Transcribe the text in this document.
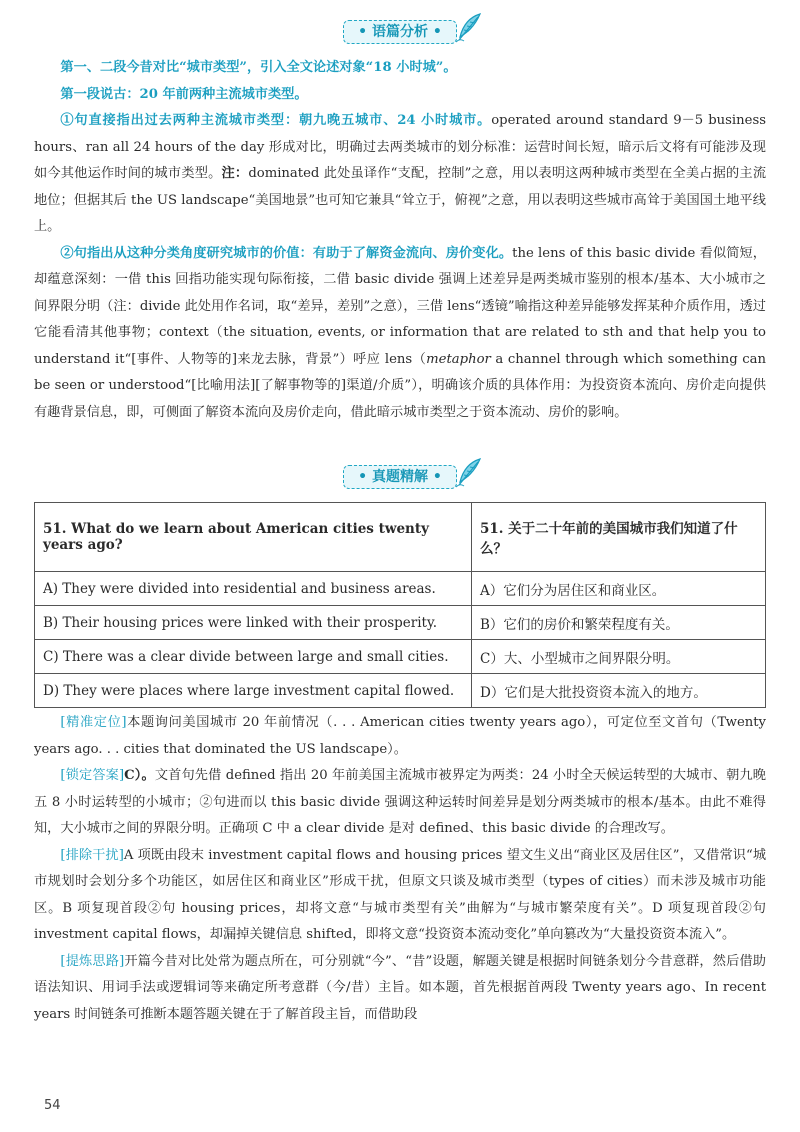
• 语篇分析 •

第一、二段今昔对比“城市类型”，引入全文论述对象“18 小时城”。

第一段说古：20 年前两种主流城市类型。

①句直接指出过去两种主流城市类型：朝九晚五城市、24 小时城市。operated around standard 9－5 business hours、ran all 24 hours of the day 形成对比，明确过去两类城市的划分标准：运营时间长短，暗示后文将有可能涉及现如今其他运作时间的城市类型。注：dominated 此处虽译作“支配，控制”之意，用以表明这两种城市类型在全美占据的主流地位；但据其后 the US landscape“美国地景”也可知它兼具“耸立于，俯视”之意，用以表明这些城市高耸于美国国土地平线上。

②句指出从这种分类角度研究城市的价值：有助于了解资金流向、房价变化。the lens of this basic divide 看似简短，却蕴意深刻：一借 this 回指功能实现句际衔接，二借 basic divide 强调上述差异是两类城市鉴别的根本/基本、大小城市之间界限分明（注：divide 此处用作名词，取“差异，差别”之意），三借 lens“透镜”喻指这种差异能够发挥某种介质作用，透过它能看清其他事物；context（the situation, events, or information that are related to sth and that help you to understand it“[事件、人物等的]来龙去脉，背景”）呼应 lens（metaphor a channel through which something can be seen or understood“[比喻用法][了解事物等的]渠道/介质”），明确该介质的具体作用：为投资资本流向、房价走向提供有趣背景信息，即，可侧面了解资本流向及房价走向，借此暗示城市类型之于资本流动、房价的影响。

• 真题精解 •
51. What do we learn about American cities twenty years ago?	51. 关于二十年前的美国城市我们知道了什么？
A) They were divided into residential and business areas.	A）它们分为居住区和商业区。
B) Their housing prices were linked with their prosperity.	B）它们的房价和繁荣程度有关。
C) There was a clear divide between large and small cities.	C）大、小型城市之间界限分明。
D) They were places where large investment capital flowed.	D）它们是大批投资资本流入的地方。

[精准定位]本题询问美国城市 20 年前情况（. . . American cities twenty years ago），可定位至文首句（Twenty years ago. . . cities that dominated the US landscape）。

[锁定答案]C）。文首句先借 defined 指出 20 年前美国主流城市被界定为两类：24 小时全天候运转型的大城市、朝九晚五 8 小时运转型的小城市；②句进而以 this basic divide 强调这种运转时间差异是划分两类城市的根本/基本。由此不难得知，大小城市之间的界限分明。正确项 C 中 a clear divide 是对 defined、this basic divide 的合理改写。

[排除干扰]A 项既由段末 investment capital flows and housing prices 望文生义出“商业区及居住区”，又借常识“城市规划时会划分多个功能区，如居住区和商业区”形成干扰，但原文只谈及城市类型（types of cities）而未涉及城市功能区。B 项复现首段②句 housing prices，却将文意“与城市类型有关”曲解为“与城市繁荣度有关”。D 项复现首段②句 investment capital flows，却漏掉关键信息 shifted，即将文意“投资资本流动变化”单向篡改为“大量投资资本流入”。

[提炼思路]开篇今昔对比处常为题点所在，可分别就“今”、“昔”设题，解题关键是根据时间链条划分今昔意群，然后借助语法知识、用词手法或逻辑词等来确定所考意群（今/昔）主旨。如本题，首先根据首两段 Twenty years ago、In recent years 时间链条可推断本题答题关键在于了解首段主旨，而借助段

54
